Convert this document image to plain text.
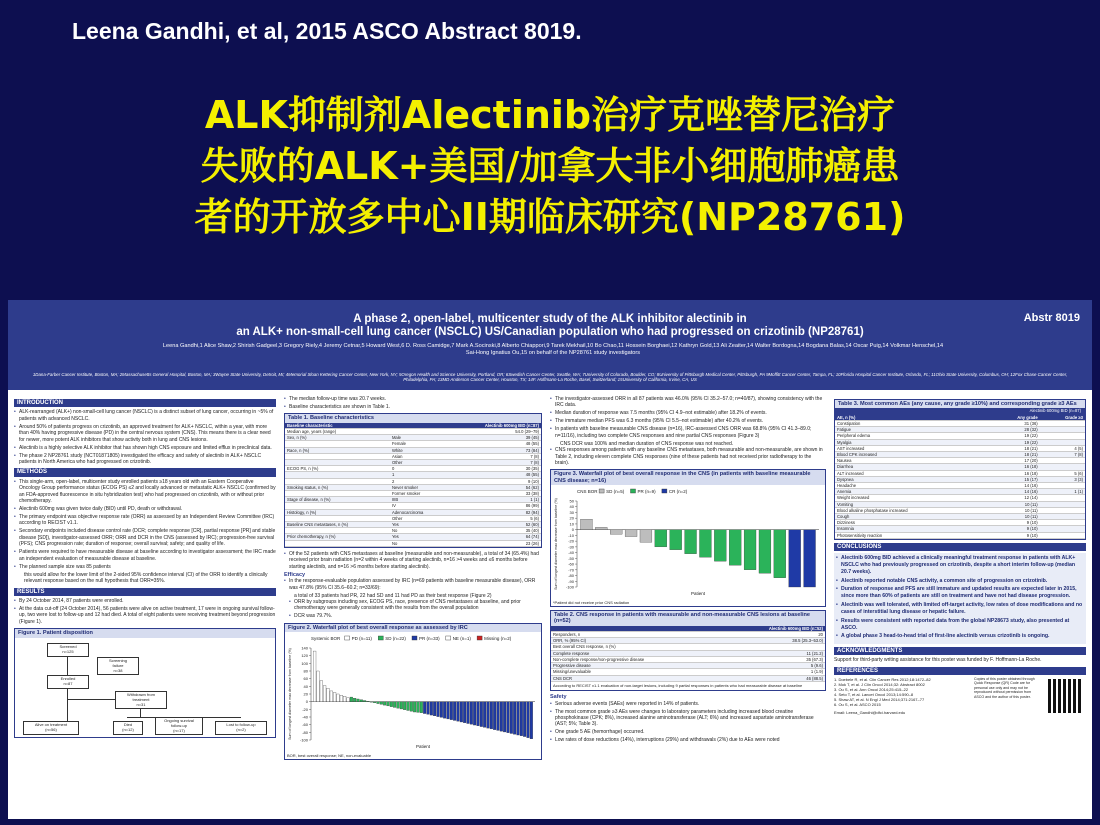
Leena Gandhi, et al, 2015 ASCO Abstract 8019.
ALK抑制剂Alectinib治疗克唑替尼治疗
失败的ALK+美国/加拿大非小细胞肺癌患
者的开放多中心II期临床研究(NP28761)
A phase 2, open-label, multicenter study of the ALK inhibitor alectinib in
an ALK+ non-small-cell lung cancer (NSCLC) US/Canadian population who had progressed on crizotinib (NP28761)
Abstr 8019
Leena Gandhi,1 Alice Shaw,2 Shirish Gadgeel,3 Gregory Riely,4 Jeremy Cetnar,5 Howard West,6 D. Ross Camidge,7 Mark A.Socinski,8 Alberto Chiappori,9 Tarek Mekhail,10 Bo Chao,11 Hossein Borghaei,12 Kathryn Gold,13 Ali Zeaiter,14 Walter Bordogna,14 Bogdana Balas,14 Oscar Puig,14 Volkmar Henschel,14 Sai-Hong Ignatius Ou,15 on behalf of the NP28761 study investigators
1Dana-Farber Cancer Institute, Boston, MA; 2Massachusetts General Hospital, Boston, MA; 3Wayne State University, Detroit, MI; 4Memorial Sloan Kettering Cancer Center, New York, NY; 5Oregon Health and Science University, Portland, OR; 6Swedish Cancer Center, Seattle, WA; 7University of Colorado, Boulder, CO; 8University of Pittsburgh Medical Center, Pittsburgh, PA 9Moffitt Cancer Center, Tampa, FL; 10Florida Hospital Cancer Institute, Orlando, FL; 11Ohio State University, Columbus, OH; 12Fox Chase Cancer Center, Philadelphia, PA; 13MD Anderson Cancer Center, Houston, TX; 14F. Hoffmann-La Roche, Basel, Switzerland; 15University of California, Irvine, CA, US
INTRODUCTION

• ALK-rearranged (ALK+) non-small-cell lung cancer (NSCLC) is a distinct subset of lung cancer, occurring in ~5% of patients with advanced NSCLC.

• Around 50% of patients progress on crizotinib, an approved treatment for ALK+ NSCLC, within a year, with more than 40% having progressive disease (PD) in the central nervous system (CNS). This means there is a clear need for newer, more potent ALK inhibitors that show activity both in lung and CNS lesions.

• Alectinib is a highly selective ALK inhibitor that has shown high CNS exposure and limited efflux in preclinical data.

• The phase 2 NP28761 study (NCT01871805) investigated the efficacy and safety of alectinib in ALK+ NSCLC patients in North America who had progressed on crizotinib.

METHODS

• This single-arm, open-label, multicenter study enrolled patients ≥18 years old with an Eastern Cooperative Oncology Group performance status (ECOG PS) ≤2 and locally advanced or metastatic ALK+ NSCLC (confirmed by an FDA-approved fluorescence in situ hybridization test) who had progressed on crizotinib, with or without prior chemotherapy.

• Alectinib 600mg was given twice daily (BID) until PD, death or withdrawal.

• The primary endpoint was objective response rate (ORR) as assessed by an Independent Review Committee (IRC) according to RECIST v1.1.

• Secondary endpoints included disease control rate (DCR; complete response [CR], partial response [PR] and stable disease [SD]), investigator-assessed ORR; ORR and DCR in the CNS (assessed by IRC); progression-free survival (PFS); CNS progression rate; duration of response; overall survival; safety; and quality of life.

• Patients were required to have measurable disease at baseline according to investigator assessment; the IRC made an independent evaluation of measurable disease at baseline.

• The planned sample size was 85 patients

this would allow for the lower limit of the 2-sided 95% confidence interval (CI) of the ORR to identify a clinically relevant response based on the null hypothesis that ORR=35%.
RESULTS

• By 24 October 2014, 87 patients were enrolled.

• At the data cut-off (24 October 2014), 56 patients were alive on active treatment, 17 were in ongoing survival follow-up, two were lost to follow-up and 12 had died. A total of eight patients were receiving treatment beyond progression (Figure 1).

Figure 1. Patient disposition
Screened
n=125
Screening
failure
n=38
Enrolled
n=87
Withdrawn from
treatment
n=31
Alive on treatment
(n=56)
Died
(n=12)
Ongoing survival
follow-up
(n=17)
Lost to follow-up
(n=2)

• The median follow-up time was 20.7 weeks.

• Baseline characteristics are shown in Table 1.

Table 1. Baseline characteristics
Baseline characteristic		Alectinib 600mg BID (n=87)
Median age, years (range)		54.0 (29–79)
Sex, n (%)	Male	39 (45)
	Female	48 (55)
Race, n (%)	White	73 (84)
	Asian	7 (8)
	Other	7 (8)
ECOG PS, n (%)	0	30 (35)
	1	48 (55)
	2	9 (10)
Smoking status, n (%)	Never smoker	54 (62)
	Former smoker	33 (38)
Stage of disease, n (%)	IIIB	1 (1)
	IV	86 (99)
Histology, n (%)	Adenocarcinoma	82 (94)
	Other	5 (6)
Baseline CNS metastases, n (%)	Yes	52 (60)
	No	35 (40)
Prior chemotherapy, n (%)	Yes	64 (74)
	No	23 (26)

• Of the 52 patients with CNS metastases at baseline (measurable and non-measurable), a total of 34 (65.4%) had received prior brain radiation (n=2 within 4 weeks of starting alectinib, n=16 >4 weeks and ≤6 months before starting alectinib, and n=16 >6 months before starting alectinib).

Efficacy

• In the response-evaluable population assessed by IRC (n=69 patients with baseline measurable disease), ORR was 47.8% (95% CI 35.6–60.2; n=33/69):

a total of 33 patients had PR, 22 had SD and 11 had PD as their best response (Figure 2)

• ORR by subgroups including sex, ECOG PS, race, presence of CNS metastases at baseline, and prior chemotherapy were generally consistent with the results from the overall population

• DCR was 79.7%.

Figure 2. Waterfall plot of best overall response as assessed by IRC
Systemic BOR	PD (n=11)	SD (n=22)	PR (n=33)	NE (n=1)	Missing (n=2)
-100
-80
-60
-40
-20
0
20
40
60
80
100
120
140
Sum of longest diameter max decrease from baseline (%)
Patient
BOR, best overall response; NE, non-evaluable

• The investigator-assessed ORR in all 87 patients was 46.0% (95% CI 35.2–57.0; n=40/87), showing consistency with the IRC data.

• Median duration of response was 7.5 months (95% CI 4.9–not estimable) after 18.2% of events.

• The immature median PFS was 6.3 months (95% CI 5.5–not estimable) after 40.2% of events.

• In patients with baseline measurable CNS disease (n=16), IRC-assessed CNS ORR was 68.8% (95% CI 41.3–89.0; n=11/16), including two complete CNS responses and nine partial CNS responses (Figure 3)

CNS DCR was 100% and median duration of CNS response was not reached.

• CNS responses among patients with any baseline CNS metastases, both measurable and non-measurable, are shown in Table 2, including eleven complete CNS responses (nine of these patients had not received prior radiotherapy to the brain).

Figure 3. Waterfall plot of best overall response in the CNS (in patients with baseline measurable CNS disease; n=16)
CNS BOR SD (n=5)	PR (n=9)	CR (n=2)
-100
-90
-80
-70
-60
-50
-40
-30
-20
-10
0
10
20
30
40
50
Sum of longest diameter max decrease from baseline (%)
Patient
*Patient did not receive prior CNS radiation
Table 2. CNS response in patients with measurable and non-measurable CNS lesions at baseline (n=52)
	Alectinib 600mg BID (n=52)
Responders, n	20
ORR, % (95% CI)	38.5 (25.3–53.0)
Best overall CNS response, n (%)	
Complete response	11 (21.2)
Non-complete response/non-progressive disease	35 (67.3)
Progressive disease	5 (9.6)
Missing/unevaluable	1 (1.9)
CNS DCR	46 (88.5)
According to RECIST v1.1 evaluation of non-target lesions, including 9 partial responses in patients who had measurable disease at baseline
Safety

• Serious adverse events (SAEs) were reported in 14% of patients.

• The most common grade ≥3 AEs were changes to laboratory parameters including increased blood creatine phosphokinase (CPK; 8%), increased alanine aminotransferase (ALT; 6%) and increased aspartate aminotransferase (AST; 5%; Table 3).

• One grade 5 AE (hemorrhage) occurred.

• Low rates of dose reductions (14%), interruptions (29%) and withdrawals (2%) due to AEs were noted

Table 3. Most common AEs (any cause, any grade ≥10%) and corresponding grade ≥3 AEs
Alectinib 600mg BID (n=87)
AE, n (%)	Any grade	Grade ≥3
Constipation	31 (36)	
Fatigue	28 (32)	
Peripheral edema	19 (22)	
Myalgia	19 (22)	
AST increased	18 (21)	4 (5)
Blood CPK increased	18 (21)	7 (8)
Nausea	17 (20)	
Diarrhea	16 (18)	
ALT increased	16 (18)	5 (6)
Dyspnea	15 (17)	3 (3)
Headache	14 (16)	
Anemia	14 (16)	1 (1)
Weight increased	12 (14)	
Vomiting	10 (11)	
Blood alkaline phosphatase increased	10 (11)	
Cough	10 (11)	
Dizziness	9 (10)	
Insomnia	9 (10)	
Photosensitivity reaction	9 (10)	
CONCLUSIONS

• Alectinib 600mg BID achieved a clinically meaningful treatment response in patients with ALK+ NSCLC who had previously progressed on crizotinib, despite a short interim follow-up (median 20.7 weeks).

• Alectinib reported notable CNS activity, a common site of progression on crizotinib.

• Duration of response and PFS are still immature and updated results are expected later in 2015, since more than 60% of patients are still on treatment and have not had disease progression.

• Alectinib was well tolerated, with limited off-target activity, low rates of dose modifications and no cases of interstitial lung disease or hepatic failure.

• Results were consistent with reported data from the global NP28673 study, also presented at ASCO.

• A global phase 3 head-to-head trial of first-line alectinib versus crizotinib is ongoing.

ACKNOWLEDGMENTS
Support for third-party writing assistance for this poster was funded by F. Hoffmann-La Roche.
REFERENCES
1. Doebele R, et al. Clin Cancer Res 2012;18:1472–82
2. Mok T, et al. J Clin Oncol 2014;32: Abstract 8002
3. Ou S, et al. Ann Oncol 2014;25:415–22
4. Seto T, et al. Lancet Oncol 2013;14:590–8
5. Shaw AT, et al. N Engl J Med 2014;371:2167–77
6. Ou S, et al. ASCO 2015
Email: Leena_Gandhi@dfci.harvard.edu
Copies of this poster obtained through Quick Response (QR) Code are for personal use only and may not be reproduced without permission from ASCO and the author of this poster.
